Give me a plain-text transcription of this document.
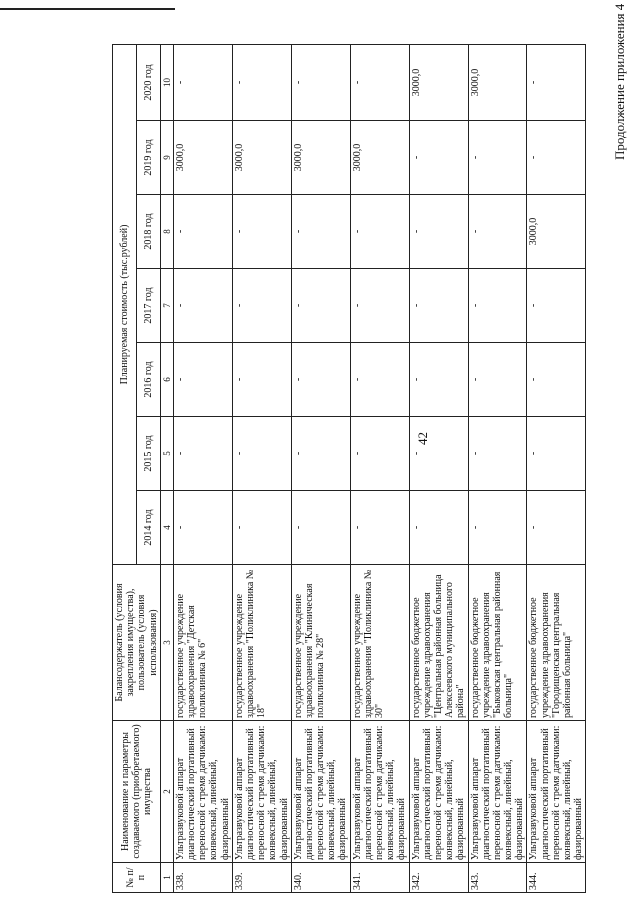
42
Продолжение приложения 4
№ п/п	Наименование и параметры создаваемого (приобретаемого) имущества	Балансодержатель (условия закрепления имущества), пользователь (условия использования)	Планируемая стоимость (тыс.рублей)						
			2014 год	2015 год	2016 год	2017 год	2018 год	2019 год	2020 год
1	2	3	4	5	6	7	8	9	10
338.	Ультразвуковой аппарат диагностический портативный переносной с тремя датчиками: конвексный, линейный, фазированный	государственное учреждение здравоохранения "Детская поликлиника № 6"	-	-	-	-	-	3000,0	-
339.	Ультразвуковой аппарат диагностический портативный переносной с тремя датчиками: конвексный, линейный, фазированный	государственное учреждение здравоохранения "Поликлиника № 18"	-	-	-	-	-	3000,0	-
340.	Ультразвуковой аппарат диагностический портативный переносной с тремя датчиками: конвексный, линейный, фазированный	государственное учреждение здравоохранения "Клиническая поликлиника № 28"	-	-	-	-	-	3000,0	-
341.	Ультразвуковой аппарат диагностический портативный переносной с тремя датчиками: конвексный, линейный, фазированный	государственное учреждение здравоохранения "Поликлиника № 30"	-	-	-	-	-	3000,0	-
342.	Ультразвуковой аппарат диагностический портативный переносной с тремя датчиками: конвексный, линейный, фазированный	государственное бюджетное учреждение здравоохранения "Центральная районная больница Алексеевского муниципального района"	-	-	-	-	-	-	3000,0
343.	Ультразвуковой аппарат диагностический портативный переносной с тремя датчиками: конвексный, линейный, фазированный	государственное бюджетное учреждение здравоохранения "Быковская центральная районная больница"	-	-	-	-	-	-	3000,0
344.	Ультразвуковой аппарат диагностический портативный переносной с тремя датчиками: конвексный, линейный, фазированный	государственное бюджетное учреждение здравоохранения "Городищенская центральная районная больница"	-	-	-	-	3000,0	-	-
